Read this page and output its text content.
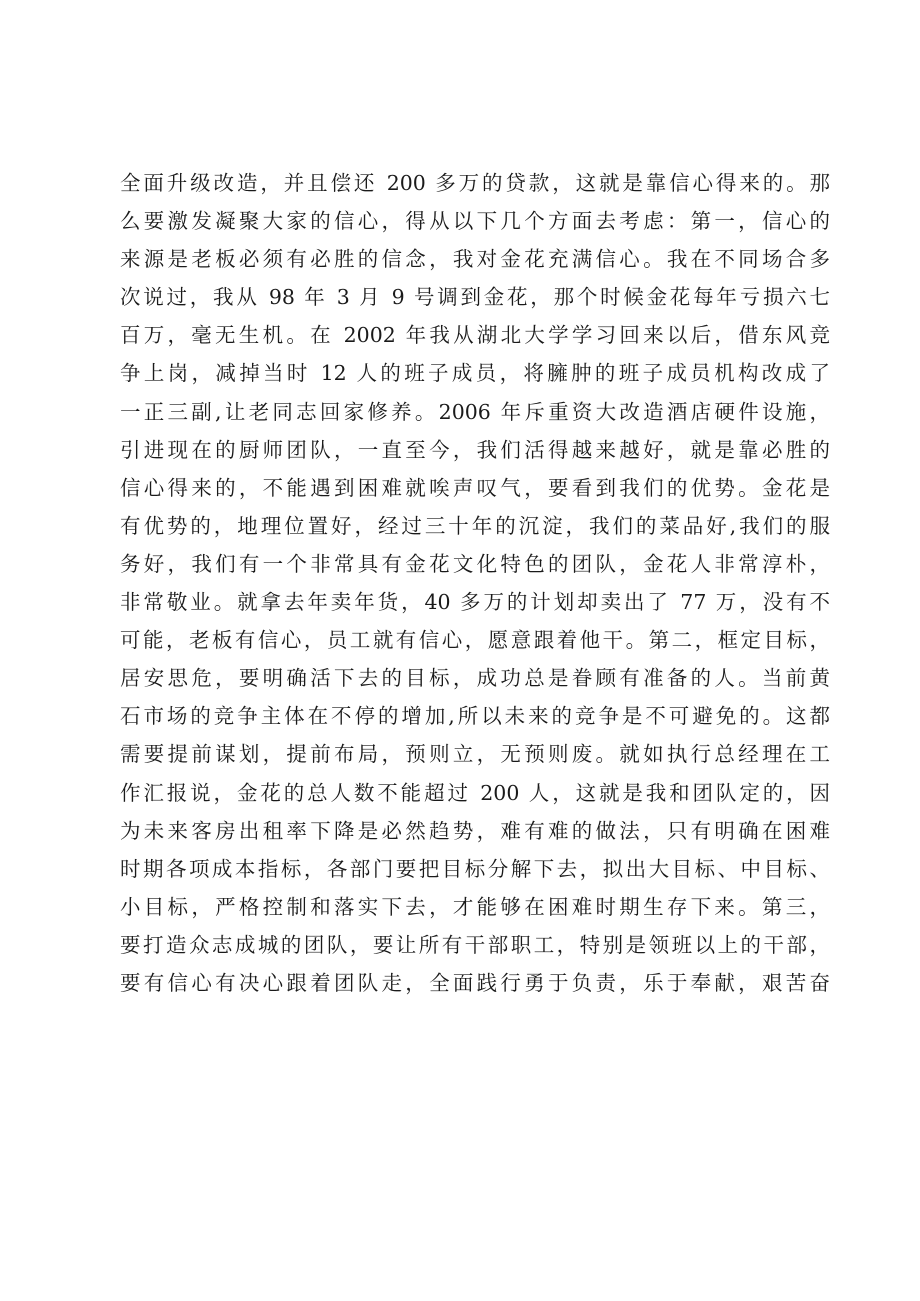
全面升级改造，并且偿还 200 多万的贷款，这就是靠信心得来的。那
么要激发凝聚大家的信心，得从以下几个方面去考虑：第一，信心的
来源是老板必须有必胜的信念，我对金花充满信心。我在不同场合多
次说过，我从 98 年 3 月 9 号调到金花，那个时候金花每年亏损六七
百万，毫无生机。在 2002 年我从湖北大学学习回来以后，借东风竞
争上岗，减掉当时 12 人的班子成员，将臃肿的班子成员机构改成了
一正三副,让老同志回家修养。2006 年斥重资大改造酒店硬件设施，
引进现在的厨师团队，一直至今，我们活得越来越好，就是靠必胜的
信心得来的，不能遇到困难就唉声叹气，要看到我们的优势。金花是
有优势的，地理位置好，经过三十年的沉淀，我们的菜品好,我们的服
务好，我们有一个非常具有金花文化特色的团队，金花人非常淳朴，
非常敬业。就拿去年卖年货，40 多万的计划却卖出了 77 万，没有不
可能，老板有信心，员工就有信心，愿意跟着他干。第二，框定目标，
居安思危，要明确活下去的目标，成功总是眷顾有准备的人。当前黄
石市场的竞争主体在不停的增加,所以未来的竞争是不可避免的。这都
需要提前谋划，提前布局，预则立，无预则废。就如执行总经理在工
作汇报说，金花的总人数不能超过 200 人，这就是我和团队定的，因
为未来客房出租率下降是必然趋势，难有难的做法，只有明确在困难
时期各项成本指标，各部门要把目标分解下去，拟出大目标、中目标、
小目标，严格控制和落实下去，才能够在困难时期生存下来。第三，
要打造众志成城的团队，要让所有干部职工，特别是领班以上的干部，
要有信心有决心跟着团队走，全面践行勇于负责，乐于奉献，艰苦奋
